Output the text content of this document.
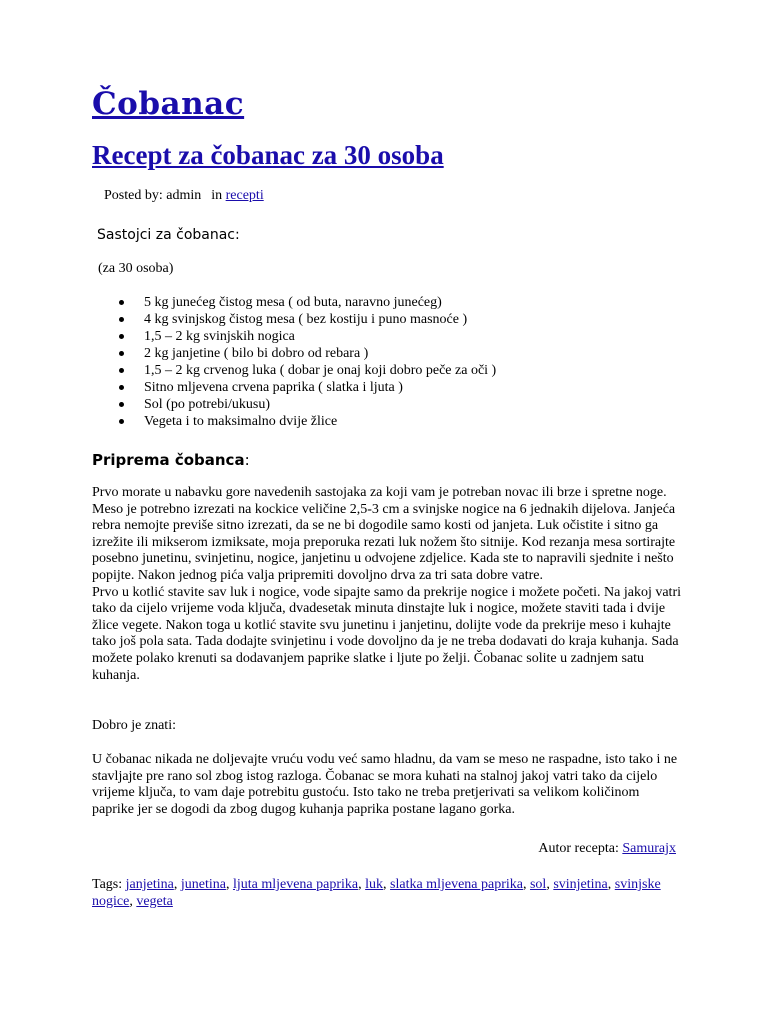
Čobanac
Recept za čobanac za 30 osoba
Posted by: admin in recepti
Sastojci za čobanac:
(za 30 osoba)
5 kg junećeg čistog mesa ( od buta, naravno junećeg)
4 kg svinjskog čistog mesa ( bez kostiju i puno masnoće )
1,5 – 2 kg svinjskih nogica
2 kg janjetine ( bilo bi dobro od rebara )
1,5 – 2 kg crvenog luka ( dobar je onaj koji dobro peče za oči )
Sitno mljevena crvena paprika ( slatka i ljuta )
Sol (po potrebi/ukusu)
Vegeta i to maksimalno dvije žlice
Priprema čobanca:
Prvo morate u nabavku gore navedenih sastojaka za koji vam je potreban novac ili brze i spretne noge. Meso je potrebno izrezati na kockice veličine 2,5-3 cm a svinjske nogice na 6 jednakih dijelova. Janjeća rebra nemojte previše sitno izrezati, da se ne bi dogodile samo kosti od janjeta. Luk očistite i sitno ga izrežite ili mikserom izmiksate, moja preporuka rezati luk nožem što sitnije. Kod rezanja mesa sortirajte posebno junetinu, svinjetinu, nogice, janjetinu u odvojene zdjelice. Kada ste to napravili sjednite i nešto popijte. Nakon jednog pića valja pripremiti dovoljno drva za tri sata dobre vatre.
Prvo u kotlić stavite sav luk i nogice, vode sipajte samo da prekrije nogice i možete početi. Na jakoj vatri tako da cijelo vrijeme voda ključa, dvadesetak minuta dinstajte luk i nogice, možete staviti tada i dvije žlice vegete. Nakon toga u kotlić stavite svu junetinu i janjetinu, dolijte vode da prekrije meso i kuhajte tako još pola sata. Tada dodajte svinjetinu i vode dovoljno da je ne treba dodavati do kraja kuhanja. Sada možete polako krenuti sa dodavanjem paprike slatke i ljute po želji. Čobanac solite u zadnjem satu kuhanja.

Dobro je znati:

U čobanac nikada ne doljevajte vruću vodu već samo hladnu, da vam se meso ne raspadne, isto tako i ne stavljajte pre rano sol zbog istog razloga. Čobanac se mora kuhati na stalnoj jakoj vatri tako da cijelo vrijeme ključa, to vam daje potrebitu gustoću. Isto tako ne treba pretjerivati sa velikom količinom paprike jer se dogodi da zbog dugog kuhanja paprika postane lagano gorka.

Autor recepta: Samurajx
Tags: janjetina, junetina, ljuta mljevena paprika, luk, slatka mljevena paprika, sol, svinjetina, svinjske nogice, vegeta
